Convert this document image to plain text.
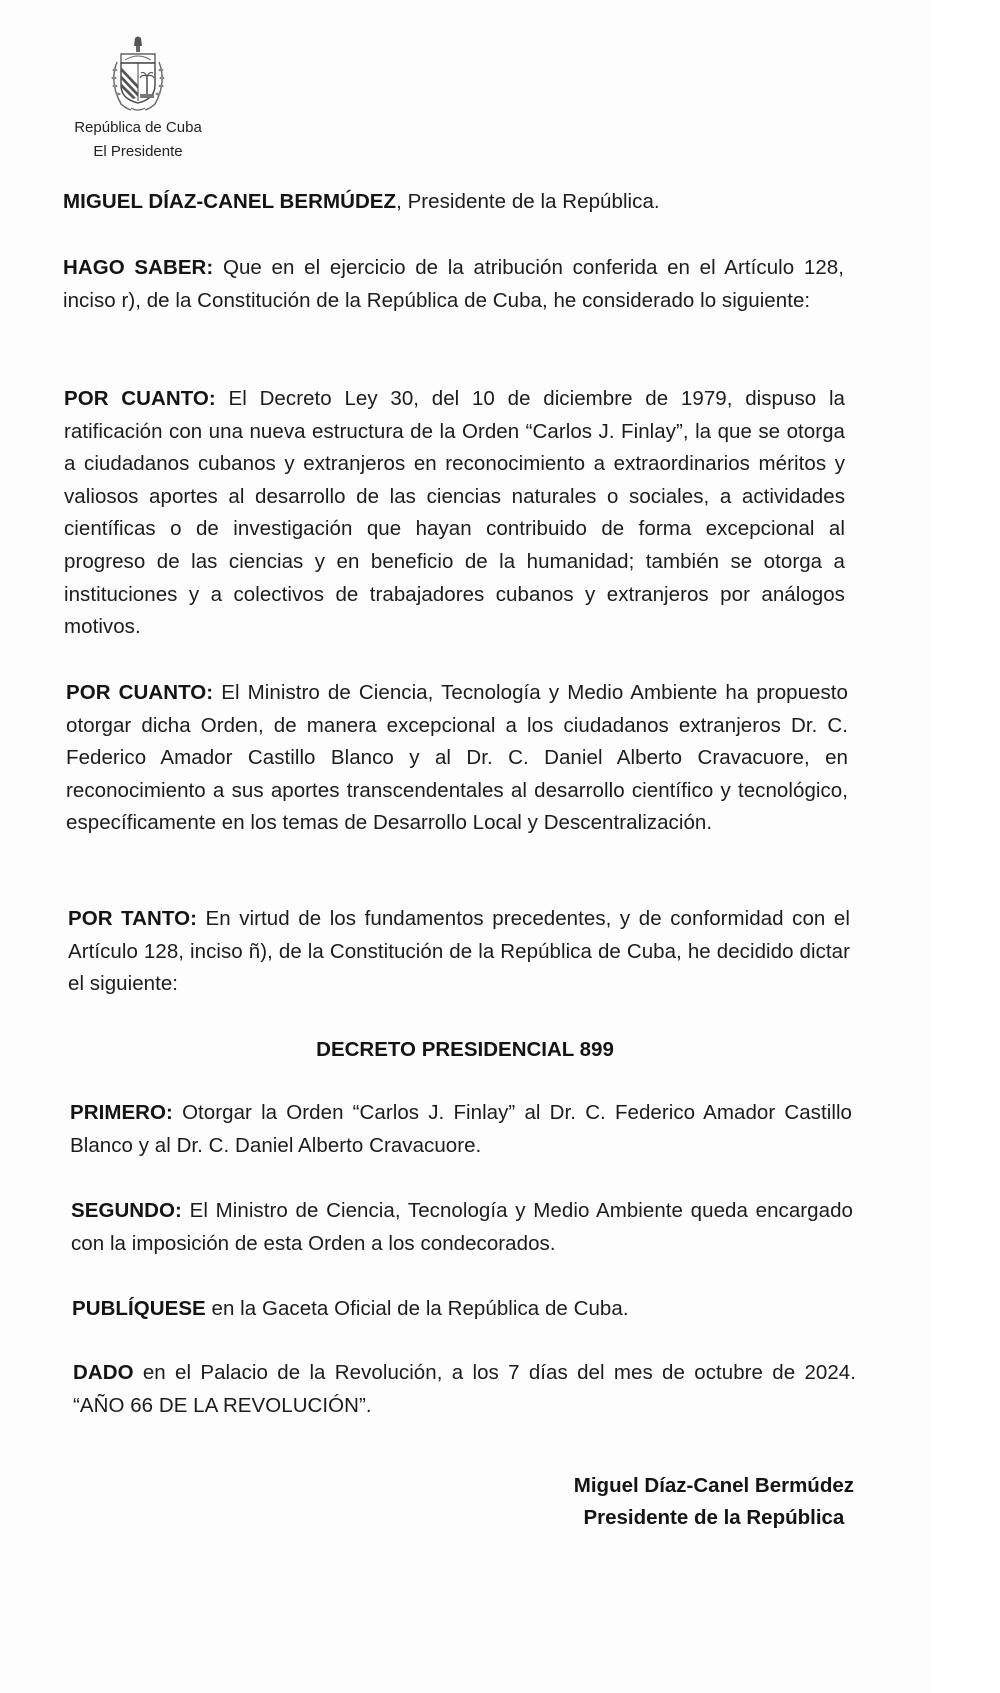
República de Cuba
El Presidente
MIGUEL DÍAZ-CANEL BERMÚDEZ, Presidente de la República.
HAGO SABER: Que en el ejercicio de la atribución conferida en el Artículo 128, inciso r), de la Constitución de la República de Cuba, he considerado lo siguiente:
POR CUANTO: El Decreto Ley 30, del 10 de diciembre de 1979, dispuso la ratificación con una nueva estructura de la Orden “Carlos J. Finlay”, la que se otorga a ciudadanos cubanos y extranjeros en reconocimiento a extraordinarios méritos y valiosos aportes al desarrollo de las ciencias naturales o sociales, a actividades científicas o de investigación que hayan contribuido de forma excepcional al progreso de las ciencias y en beneficio de la humanidad; también se otorga a instituciones y a colectivos de trabajadores cubanos y extranjeros por análogos motivos.
POR CUANTO: El Ministro de Ciencia, Tecnología y Medio Ambiente ha propuesto otorgar dicha Orden, de manera excepcional a los ciudadanos extranjeros Dr. C. Federico Amador Castillo Blanco y al Dr. C. Daniel Alberto Cravacuore, en reconocimiento a sus aportes transcendentales al desarrollo científico y tecnológico, específicamente en los temas de Desarrollo Local y Descentralización.
POR TANTO: En virtud de los fundamentos precedentes, y de conformidad con el Artículo 128, inciso ñ), de la Constitución de la República de Cuba, he decidido dictar el siguiente:
DECRETO PRESIDENCIAL 899
PRIMERO: Otorgar la Orden “Carlos J. Finlay” al Dr. C. Federico Amador Castillo Blanco y al Dr. C. Daniel Alberto Cravacuore.
SEGUNDO: El Ministro de Ciencia, Tecnología y Medio Ambiente queda encargado con la imposición de esta Orden a los condecorados.
PUBLÍQUESE en la Gaceta Oficial de la República de Cuba.
DADO en el Palacio de la Revolución, a los 7 días del mes de octubre de 2024. “AÑO 66 DE LA REVOLUCIÓN”.
Miguel Díaz-Canel Bermúdez
Presidente de la República
